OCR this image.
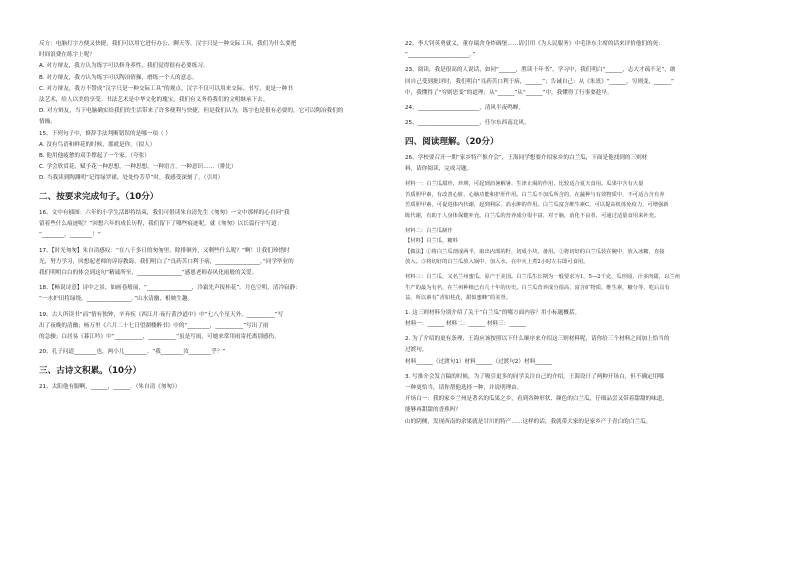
反方：电脑打字方便又快捷，我们可以用它进行办公、聊天等。汉字只是一种交际工具，我们为什么要把

时间浪费在练字上呢？

A. 对方辩友，我方认为练字可以修身养性，我们觉得很有必要练习。

B. 对方辩友，我方认为练字可以陶冶情操，磨练一个人的意志。

C. 对方辩友，我方不赞成“汉字只是一种交际工具”的观点。汉字不仅可以用来交际、书写，更是一种书

法艺术，给人以美的享受。书法艺术是中华文化的瑰宝，我们有义务将我们的文明继承下去。

D. 对方辩友，当下电脑确实给我们的生活带来了许多便利与快捷，但是我们认为，练字也是很有必要的，它可以陶冶我们的

情操。

15、下列句子中，修辞手法判断错误的是哪一项（ ）

A. 没有鸟语和鲜花的时候，那就是你。（拟人）

B. 他用他疲惫的双手撑起了一个家。（夸张）

C. 学会欣赏花，赋予花一种思想，一种思想，一种语言，一种意识……（排比）

D. 当我读到陶渊明“记得绿罗裙，处处怜芳草”时，我感受深刻了。（引用）

二、按要求完成句子。（10分）

16、文中有插图：六年的小学生活即将结束，我们可借读朱自清先生《匆匆》一文中那样的心自问“我

留着些什么痕迹呢？”回想六年的成长历程，我们留下了哪些痕迹呢，就《匆匆》以长篇行字写道：

“________，________！”

17、【时光匆匆】朱自清感叹：“在八千多日的匆匆里，除徘徊外，又剩些什么呢？”啊！让我们珍惜时

光，努力学习，回想起老师的谆谆教诲，我们明白了“良药苦口利于病，________________。”同学毕业的

我们明明白白的体会到这句“精诚所至，________________”感恩老师春风化雨般的关爱。

18、【畅说诗意】诗中之景，如画卷般展，“________________，冷霜先声报桂花”。月色空明，清冷寂静：

“一水护田将绿绕，________________。”山水清幽，相映生趣。

19、古人所读书“而”情有独钟，辛弃疾《西江月·夜行黄沙道中》中“七八个星天外，__________”写

出了夜晚的清幽；杨万里《六月二十七日望湖楼醉书》中的“________，__________”写出了雨

的急骤；白居易《暮江吟》中“__________，__________”虽是写雨，可她来常用雨寄托离别感伤。

20、孔子问道________也，两小儿________。“我________汝________乎？”

三、古诗文积累。（10分）

21、太阳他有脚啊，______，______。（朱自清《匆匆》）

22、李大钊英勇就义，董存瑞舍身炸碉堡……请引用《为人民服务》中毛泽东主席的话来评价他们的死：

“______________________。”

23、阅读，我是很高的人说话，如同“______，胜读十年书”。学习中，我们明白“______，志大才疏不足”，敢

回自己受到批评时，我们明白“良药苦口利于病，______”；告诫自己：从《朱熹》“______，穷则变，______”

中，我懂得了“穷则思变”的道理；从“______”从“______”中，我懂得了行事要趁早。

24、______________________，清风半夜鸣蝉。

25、______________________，任尔东西南北风。

四、阅读理解。（20分）

26、学校要召开一期“家乡特产推介会”，王海同学想要介绍家乡的白兰瓜，下面是他找到的三则材

料，请你阅读，完成习题。

材料一：白兰瓜甜珍，珍瑛，可起到消暑解暑、生津止渴的作用，比较适合夏天食用。瓜果中含有大量

苦质胆甲素，有改善心脏、心脑功能和护肝作用。白兰瓜不加瓜所含的，在蔬种与有效物质中，不可适合含有养

苦质胆甲素，可促进体内代谢，起到利尿、消水肿的作用。白兰瓜富含维生素C，可以提高机体免疫力，可增强新

陈代谢，有助于人身体保健补充。白兰瓜的营养成分很丰富，对于脑，消化不良者，可通过适量食用来补充。

材料二：白兰瓜制作

【材料】白兰瓜，糖料

【做法】①将白兰瓜剖成两半，取出内部的籽，切成小块，备用。②将切好的白兰瓜装在碗中，放入冰糖，直接

放入。③将切好的白兰瓜放入锅中，加入水，在中火上煮2小时左右即可食用。

材料三：白兰瓜，又名兰州蜜瓜，原产于美国。白兰瓜生长期为一般要求为1，5—2千克，瓜形圆，汁多肉甜，以兰州

生产的最为有名，在兰州种植已有几十年的历史。白兰瓜营养成分很高，富含矿物质、维生素，糖分等，吃后具有

益，所以素有“香如桂花，甜似蜜蜂”的美誉。

1. 这三则材料分别介绍了关于“白兰瓜”的哪方面内容？用小标题概括。

材料一：______ 材料二：______ 材料三：______

2. 为了介绍的更有条理，王海应该按照以下什么顺序来介绍这三则材料呢，请你给三个材料之间加上恰当的

过渡句。

材料______（过渡句1）材料______（过渡句2）材料______

3. 写推介会发言稿的时候，为了吸引更多的同学关注自己的介绍，王海设计了两种开场白，但不确定用哪

一种更恰当，请你帮他选择一种，并说明理由。

开场白一：我的家乡兰州是著名的瓜果之乡，看到各种形状、颜色的白兰瓜，仔细品尝又带着甜甜的味道，

能够再甜甜的香蕉吗？

山的阴侧，发现西南的余果就是甘川的特产……这样的话，我就带大家的是家乡产于青白的白兰瓜。
